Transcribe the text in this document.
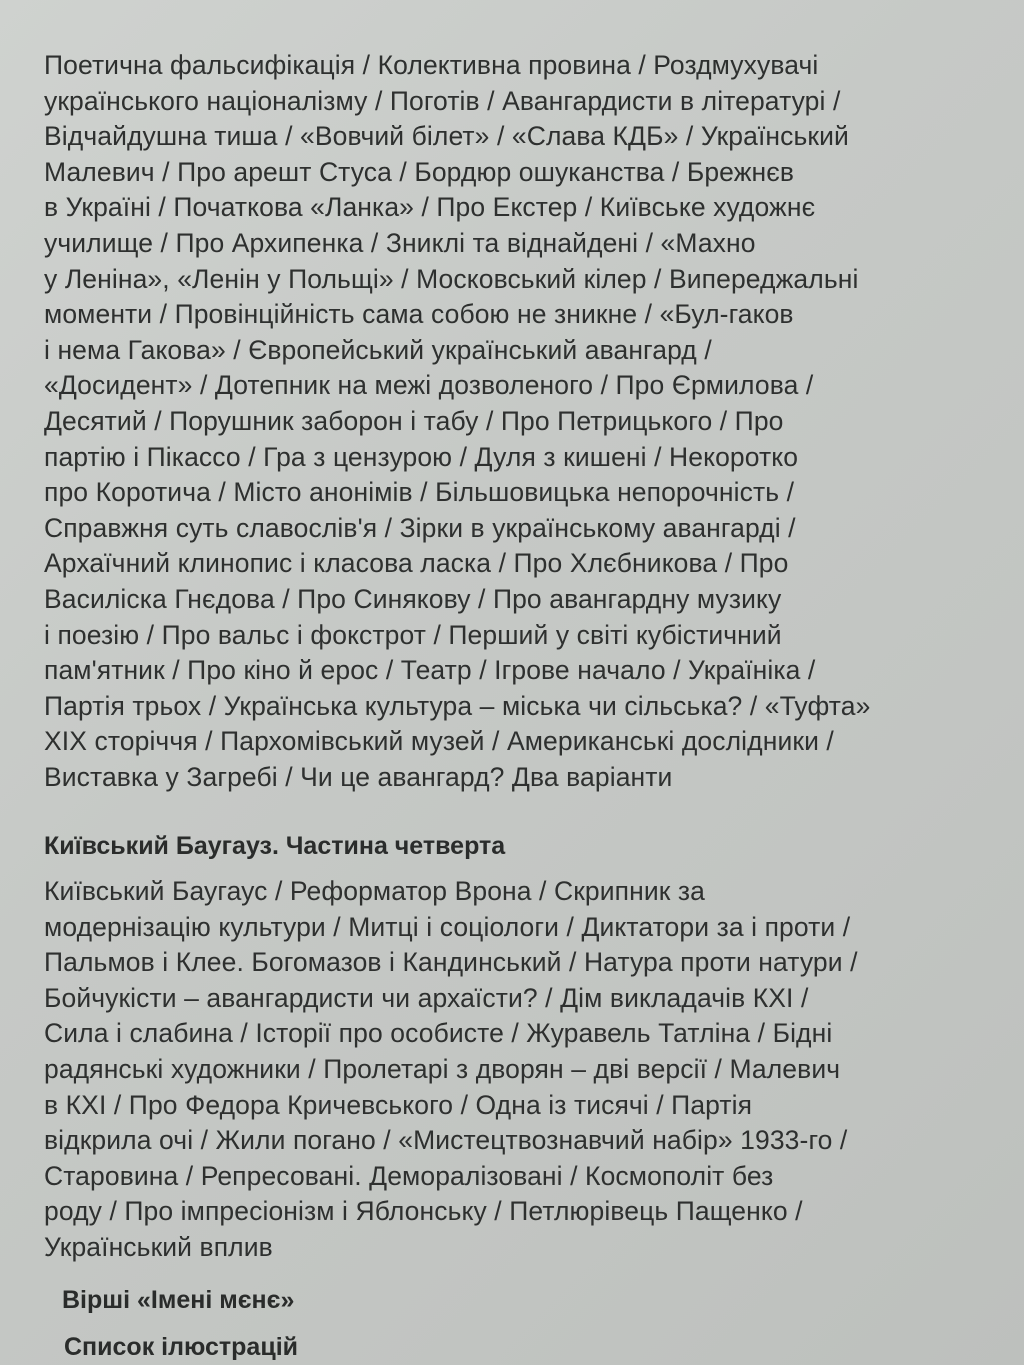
Поетична фальсифікація / Колективна провина / Роздмухувачі
українського націоналізму / Поготів / Авангардисти в літературі /
Відчайдушна тиша / «Вовчий білет» / «Слава КДБ» / Український
Малевич / Про арешт Стуса / Бордюр ошуканства / Брежнєв
в Україні / Початкова «Ланка» / Про Екстер / Київське художнє
училище / Про Архипенка / Зниклі та віднайдені / «Махно
у Леніна», «Ленін у Польщі» / Московський кілер / Випереджальні
моменти / Провінційність сама собою не зникне / «Бул-гаков
і нема Гакова» / Європейський український авангард /
«Досидент» / Дотепник на межі дозволеного / Про Єрмилова /
Десятий / Порушник заборон і табу / Про Петрицького / Про
партію і Пікассо / Гра з цензурою / Дуля з кишені / Некоротко
про Коротича / Місто анонімів / Більшовицька непорочність /
Справжня суть славослів'я / Зірки в українському авангарді /
Архаїчний клинопис і класова ласка / Про Хлєбникова / Про
Василіска Гнєдова / Про Синякову / Про авангардну музику
і поезію / Про вальс і фокстрот / Перший у світі кубістичний
пам'ятник / Про кіно й ерос / Театр / Ігрове начало / Україніка /
Партія трьох / Українська культура – міська чи сільська? / «Туфта»
XIX сторіччя / Пархомівський музей / Американські дослідники /
Виставка у Загребі / Чи це авангард? Два варіанти
Київський Баугауз. Частина четверта
Київський Баугаус / Реформатор Врона / Скрипник за
модернізацію культури / Митці і соціологи / Диктатори за і проти /
Пальмов і Клее. Богомазов і Кандинський / Натура проти натури /
Бойчукісти – авангардисти чи архаїсти? / Дім викладачів КХІ /
Сила і слабина / Історії про особисте / Журавель Татліна / Бідні
радянські художники / Пролетарі з дворян – дві версії / Малевич
в КХІ / Про Федора Кричевського / Одна із тисячі / Партія
відкрила очі / Жили погано / «Мистецтвознавчий набір» 1933-го /
Старовина / Репресовані. Деморалізовані / Космополіт без
роду / Про імпресіонізм і Яблонську / Петлюрівець Пащенко /
Український вплив
Вірші «Імені мєнє»
Список ілюстрацій
